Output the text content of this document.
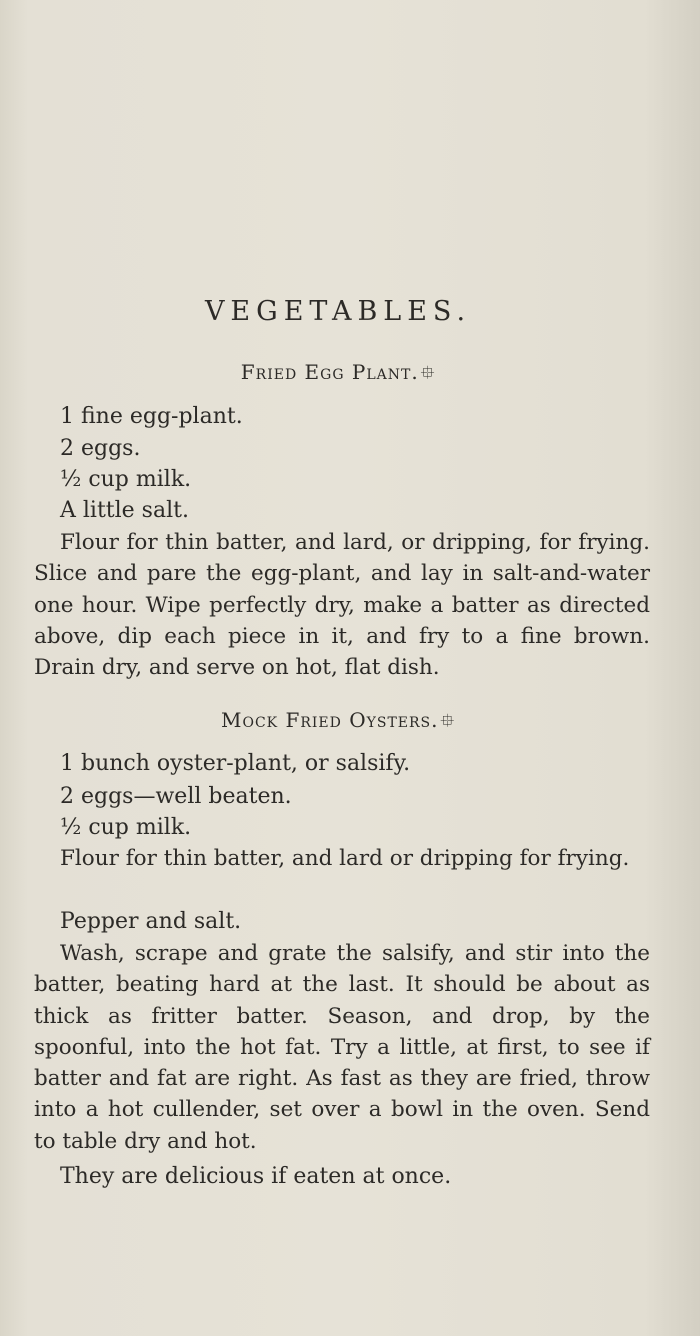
VEGETABLES.
Fried Egg Plant. ⯐
1 fine egg-plant.
2 eggs.
½ cup milk.
A little salt.

Flour for thin batter, and lard, or dripping, for frying. Slice and pare the egg-plant, and lay in salt-and-water one hour. Wipe perfectly dry, make a batter as directed above, dip each piece in it, and fry to a fine brown. Drain dry, and serve on hot, flat dish.

Mock Fried Oysters. ⯐
1 bunch oyster-plant, or salsify.
2 eggs—well beaten.
½ cup milk.

Flour for thin batter, and lard or dripping for frying.

Pepper and salt.

Wash, scrape and grate the salsify, and stir into the batter, beating hard at the last. It should be about as thick as fritter batter. Season, and drop, by the spoonful, into the hot fat. Try a little, at first, to see if batter and fat are right. As fast as they are fried, throw into a hot cullender, set over a bowl in the oven. Send to table dry and hot.

They are delicious if eaten at once.
